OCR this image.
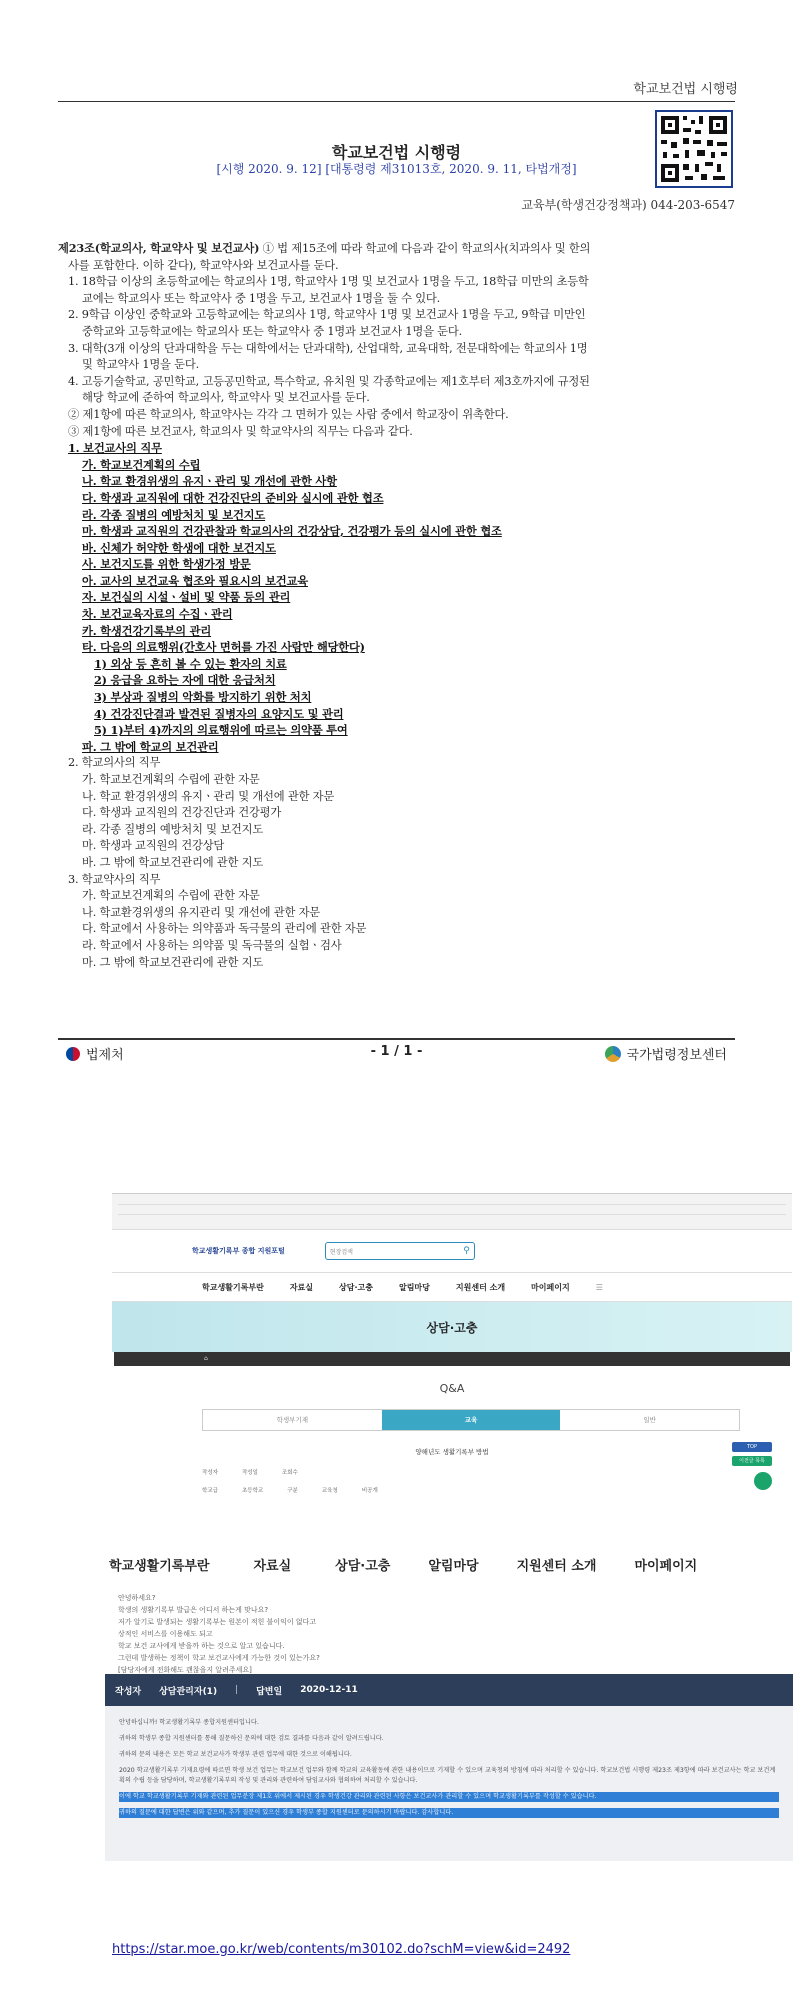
학교보건법 시행령
학교보건법 시행령
[시행 2020. 9. 12] [대통령령 제31013호, 2020. 9. 11, 타법개정]
교육부(학생건강정책과) 044-203-6547

제23조(학교의사, 학교약사 및 보건교사) ① 법 제15조에 따라 학교에 다음과 같이 학교의사(치과의사 및 한의

사를 포함한다. 이하 같다), 학교약사와 보건교사를 둔다.

1. 18학급 이상의 초등학교에는 학교의사 1명, 학교약사 1명 및 보건교사 1명을 두고, 18학급 미만의 초등학

교에는 학교의사 또는 학교약사 중 1명을 두고, 보건교사 1명을 둘 수 있다.

2. 9학급 이상인 중학교와 고등학교에는 학교의사 1명, 학교약사 1명 및 보건교사 1명을 두고, 9학급 미만인

중학교와 고등학교에는 학교의사 또는 학교약사 중 1명과 보건교사 1명을 둔다.

3. 대학(3개 이상의 단과대학을 두는 대학에서는 단과대학), 산업대학, 교육대학, 전문대학에는 학교의사 1명

및 학교약사 1명을 둔다.

4. 고등기술학교, 공민학교, 고등공민학교, 특수학교, 유치원 및 각종학교에는 제1호부터 제3호까지에 규정된

해당 학교에 준하여 학교의사, 학교약사 및 보건교사를 둔다.

② 제1항에 따른 학교의사, 학교약사는 각각 그 면허가 있는 사람 중에서 학교장이 위촉한다.

③ 제1항에 따른 보건교사, 학교의사 및 학교약사의 직무는 다음과 같다.

1. 보건교사의 직무

가. 학교보건계획의 수립

나. 학교 환경위생의 유지ㆍ관리 및 개선에 관한 사항

다. 학생과 교직원에 대한 건강진단의 준비와 실시에 관한 협조

라. 각종 질병의 예방처치 및 보건지도

마. 학생과 교직원의 건강관찰과 학교의사의 건강상담, 건강평가 등의 실시에 관한 협조

바. 신체가 허약한 학생에 대한 보건지도

사. 보건지도를 위한 학생가정 방문

아. 교사의 보건교육 협조와 필요시의 보건교육

자. 보건실의 시설ㆍ설비 및 약품 등의 관리

차. 보건교육자료의 수집ㆍ관리

카. 학생건강기록부의 관리

타. 다음의 의료행위(간호사 면허를 가진 사람만 해당한다)

1) 외상 등 흔히 볼 수 있는 환자의 치료

2) 응급을 요하는 자에 대한 응급처치

3) 부상과 질병의 악화를 방지하기 위한 처치

4) 건강진단결과 발견된 질병자의 요양지도 및 관리

5) 1)부터 4)까지의 의료행위에 따르는 의약품 투여

파. 그 밖에 학교의 보건관리

2. 학교의사의 직무

가. 학교보건계획의 수립에 관한 자문

나. 학교 환경위생의 유지ㆍ관리 및 개선에 관한 자문

다. 학생과 교직원의 건강진단과 건강평가

라. 각종 질병의 예방처치 및 보건지도

마. 학생과 교직원의 건강상담

바. 그 밖에 학교보건관리에 관한 지도

3. 학교약사의 직무

가. 학교보건계획의 수립에 관한 자문

나. 학교환경위생의 유지관리 및 개선에 관한 자문

다. 학교에서 사용하는 의약품과 독극물의 관리에 관한 자문

라. 학교에서 사용하는 의약품 및 독극물의 실험ㆍ검사

마. 그 밖에 학교보건관리에 관한 지도

법제처	- 1 / 1 -	국가법령정보센터
학교생활기록부 종합 지원포털	현장검색	⚲
학교생활기록부란	자료실	상담·고충	알림마당	지원센터 소개	마이페이지	☰
상담·고충
⌂
Q&A
학생부기재	교육	일반
양해년도 생활기록부 방법
작성자	작성일	조회수
학교급	초등학교	구분	교육청	비공개
TOP
이전글 목록
학교생활기록부란	자료실	상담·고충	알림마당	지원센터 소개	마이페이지
안녕하세요?
학생의 생활기록부 발급은 어디서 하는게 맞나요?
저가 알기로 발생되는 생활기록부는 원본이 적힌 불이익이 없다고
상적인 서비스를 이용해도 되고
학교 보건 교사에게 받을까 하는 것으로 알고 있습니다.
그런데 발생하는 정책이 학교 보건교사에게 가능한 것이 있는가요?
[담당자에게 전화해도 괜찮을지 알려주세요]
작성자 상담관리자(1) | 답변일 2020-12-11

안녕하십니까! 학교생활기록부 종합지원센터입니다.

귀하의 학생부 종합 지원센터를 통해 질문하신 문의에 대한 검토 결과를 다음과 같이 알려드립니다.

귀하의 문의 내용은 모든 학교 보건교사가 학생부 관련 업무에 대한 것으로 이해됩니다.

2020 학교생활기록부 기재요령에 따르면 학생 보건 업무는 학교보건 업무와 함께 학교의 교육활동에 관한 내용이므로 기재할 수 있으며 교육청의 방침에 따라 처리할 수 있습니다. 학교보건법 시행령 제23조 제3항에 따라 보건교사는 학교 보건계획의 수립 등을 담당하며, 학교생활기록부의 작성 및 관리와 관련하여 담임교사와 협의하여 처리할 수 있습니다.

이에 학교 학교생활기록부 기재와 관련된 업무분장 제1호 위에서 제시된 경우 학생건강 관리와 관련된 사항은 보건교사가 관리할 수 있으며 학교생활기록부를 작성할 수 있습니다.

귀하의 질문에 대한 답변은 위와 같으며, 추가 질문이 있으신 경우 학생부 종합 지원센터로 문의하시기 바랍니다. 감사합니다.

https://star.moe.go.kr/web/contents/m30102.do?schM=view&id=2492
